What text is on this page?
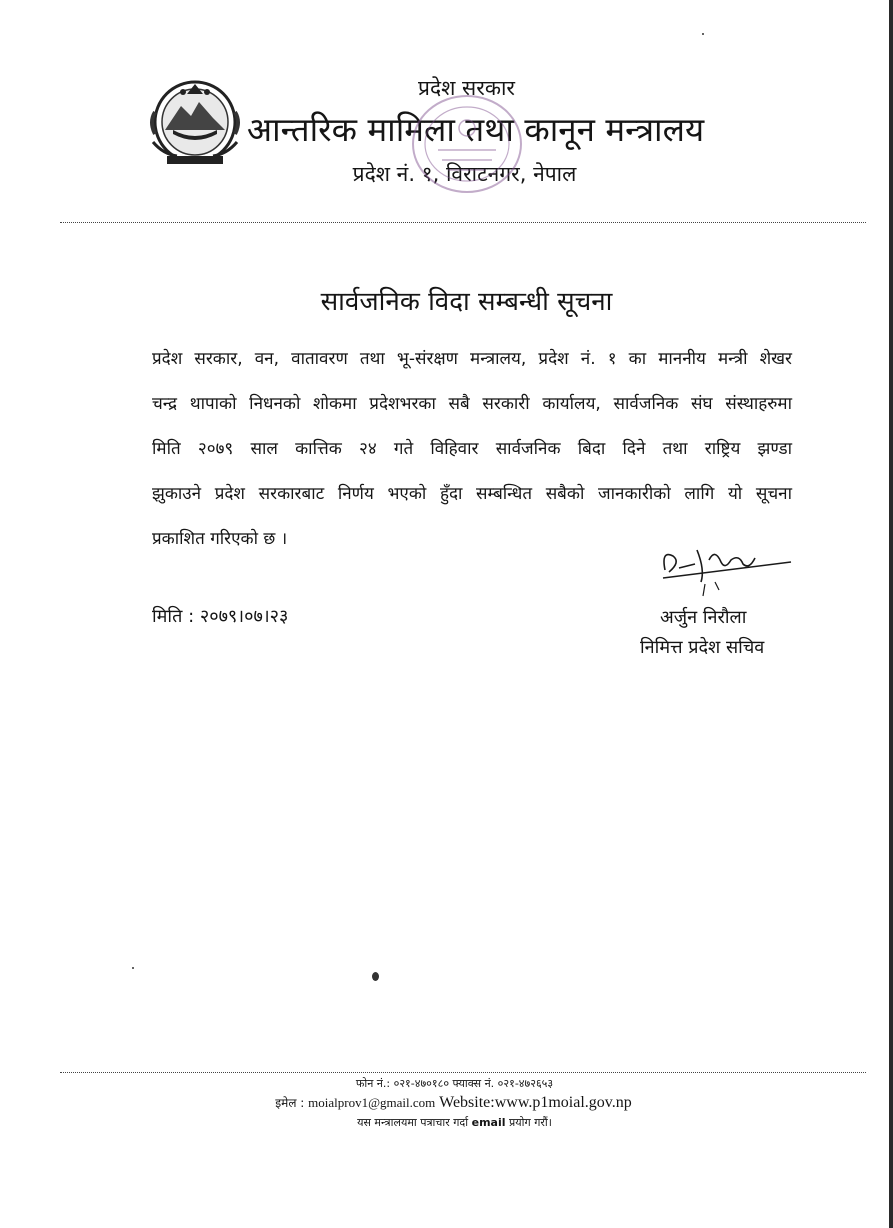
प्रदेश सरकार
आन्तरिक मामिला तथा कानून मन्त्रालय
प्रदेश नं. १, विराटनगर, नेपाल
सार्वजनिक विदा सम्बन्धी सूचना
प्रदेश सरकार, वन, वातावरण तथा भू-संरक्षण मन्त्रालय, प्रदेश नं. १ का माननीय मन्त्री शेखर
चन्द्र थापाको निधनको शोकमा प्रदेशभरका सबै सरकारी कार्यालय, सार्वजनिक संघ संस्थाहरुमा
मिति २०७९ साल कात्तिक २४ गते विहिवार सार्वजनिक बिदा दिने तथा राष्ट्रिय झण्डा
झुकाउने प्रदेश सरकारबाट निर्णय भएको हुँदा सम्बन्धित सबैको जानकारीको लागि यो सूचना
प्रकाशित गरिएको छ ।
मिति : २०७९।०७।२३	अर्जुन निरौला
निमित्त प्रदेश सचिव
फोन नं.: ०२१-४७०१८० फ्याक्स नं. ०२१-४७२६५३
इमेल : moialprov1@gmail.com Website:www.p1moial.gov.np
यस मन्त्रालयमा पत्राचार गर्दा email प्रयोग गरौं।
